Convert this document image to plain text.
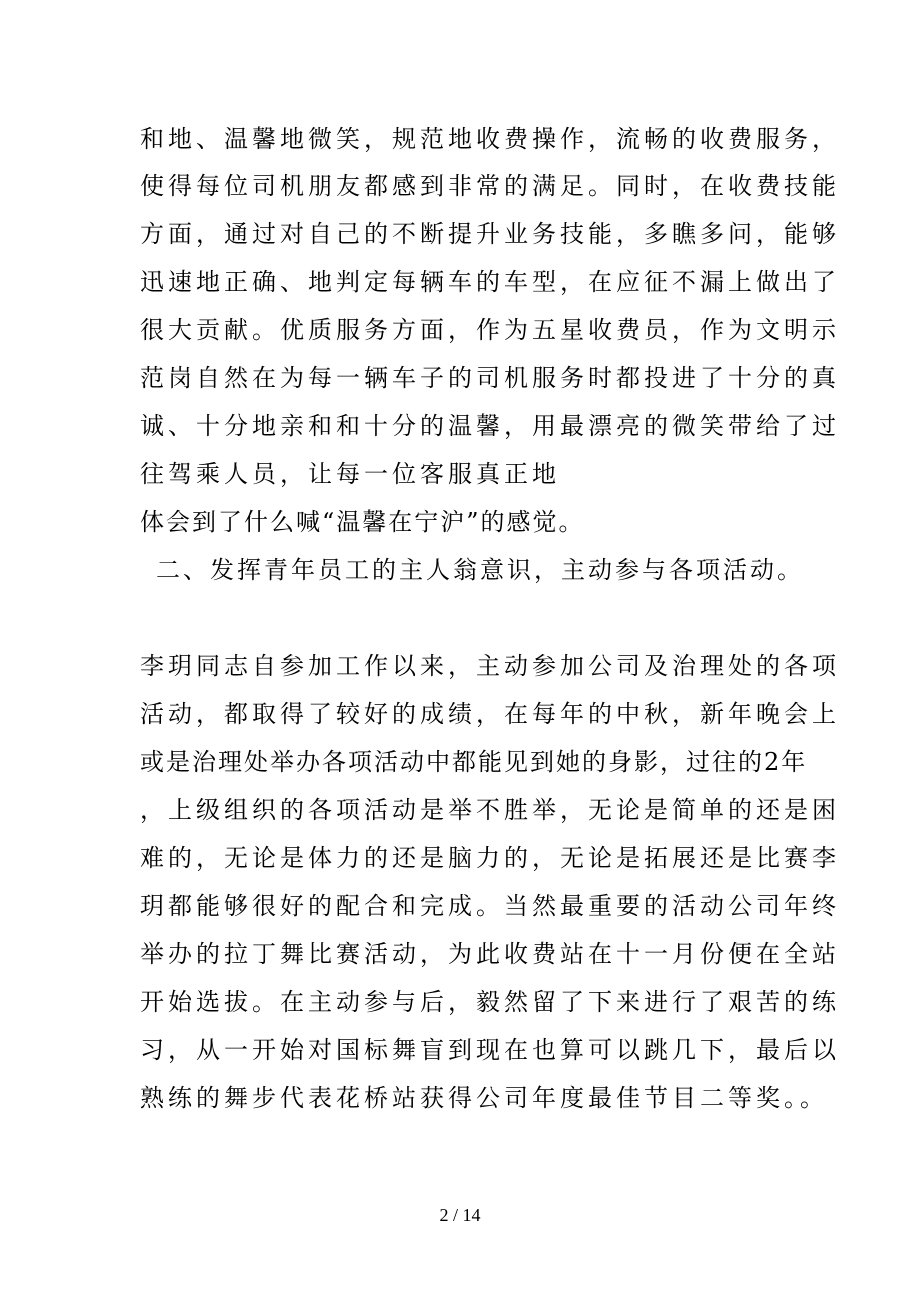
和地、温馨地微笑，规范地收费操作，流畅的收费服务，
使得每位司机朋友都感到非常的满足。同时，在收费技能
方面，通过对自己的不断提升业务技能，多瞧多问，能够
迅速地正确、地判定每辆车的车型，在应征不漏上做出了
很大贡献。优质服务方面，作为五星收费员，作为文明示
范岗自然在为每一辆车子的司机服务时都投进了十分的真
诚、十分地亲和和十分的温馨，用最漂亮的微笑带给了过
往驾乘人员，让每一位客服真正地
体会到了什么喊“温馨在宁沪”的感觉。
二、发挥青年员工的主人翁意识，主动参与各项活动。
李玥同志自参加工作以来，主动参加公司及治理处的各项
活动，都取得了较好的成绩，在每年的中秋，新年晚会上
或是治理处举办各项活动中都能见到她的身影，过往的2年
，上级组织的各项活动是举不胜举，无论是简单的还是困
难的，无论是体力的还是脑力的，无论是拓展还是比赛李
玥都能够很好的配合和完成。当然最重要的活动公司年终
举办的拉丁舞比赛活动，为此收费站在十一月份便在全站
开始选拔。在主动参与后，毅然留了下来进行了艰苦的练
习，从一开始对国标舞盲到现在也算可以跳几下，最后以
熟练的舞步代表花桥站获得公司年度最佳节目二等奖。。
2 / 14
